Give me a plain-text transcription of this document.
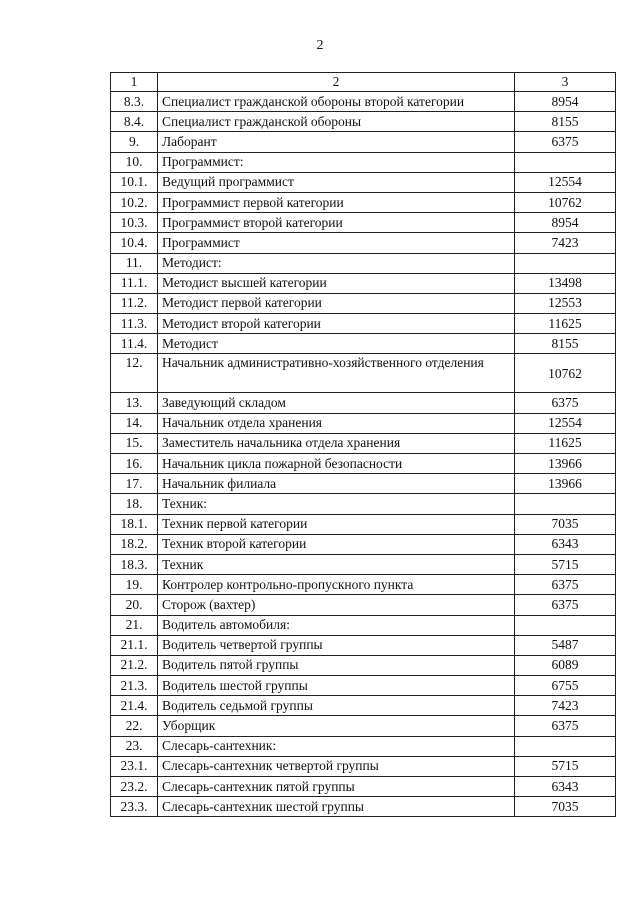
2
1	2	3
8.3.	Специалист гражданской обороны второй категории	8954
8.4.	Специалист гражданской обороны	8155
9.	Лаборант	6375
10.	Программист:	
10.1.	Ведущий программист	12554
10.2.	Программист первой категории	10762
10.3.	Программист второй категории	8954
10.4.	Программист	7423
11.	Методист:	
11.1.	Методист высшей категории	13498
11.2.	Методист первой категории	12553
11.3.	Методист второй категории	11625
11.4.	Методист	8155
12.	Начальник административно-хозяйственного отделения	10762
13.	Заведующий складом	6375
14.	Начальник отдела хранения	12554
15.	Заместитель начальника отдела хранения	11625
16.	Начальник цикла пожарной безопасности	13966
17.	Начальник филиала	13966
18.	Техник:	
18.1.	Техник первой категории	7035
18.2.	Техник второй категории	6343
18.3.	Техник	5715
19.	Контролер контрольно-пропускного пункта	6375
20.	Сторож (вахтер)	6375
21.	Водитель автомобиля:	
21.1.	Водитель четвертой группы	5487
21.2.	Водитель пятой группы	6089
21.3.	Водитель шестой группы	6755
21.4.	Водитель седьмой группы	7423
22.	Уборщик	6375
23.	Слесарь-сантехник:	
23.1.	Слесарь-сантехник четвертой группы	5715
23.2.	Слесарь-сантехник пятой группы	6343
23.3.	Слесарь-сантехник шестой группы	7035
